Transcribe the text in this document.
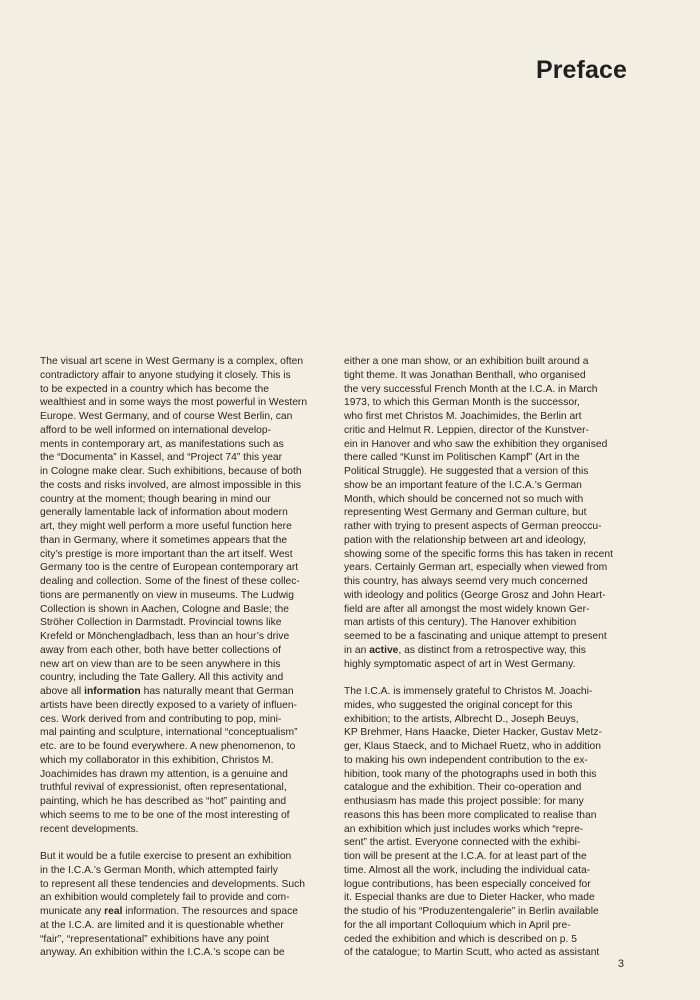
Preface
The visual art scene in West Germany is a complex, often
contradictory affair to anyone studying it closely. This is
to be expected in a country which has become the
wealthiest and in some ways the most powerful in Western
Europe. West Germany, and of course West Berlin, can
afford to be well informed on international develop-
ments in contemporary art, as manifestations such as
the “Documenta” in Kassel, and “Project 74” this year
in Cologne make clear. Such exhibitions, because of both
the costs and risks involved, are almost impossible in this
country at the moment; though bearing in mind our
generally lamentable lack of information about modern
art, they might well perform a more useful function here
than in Germany, where it sometimes appears that the
city’s prestige is more important than the art itself. West
Germany too is the centre of European contemporary art
dealing and collection. Some of the finest of these collec-
tions are permanently on view in museums. The Ludwig
Collection is shown in Aachen, Cologne and Basle; the
Ströher Collection in Darmstadt. Provincial towns like
Krefeld or Mönchengladbach, less than an hour’s drive
away from each other, both have better collections of
new art on view than are to be seen anywhere in this
country, including the Tate Gallery. All this activity and
above all information has naturally meant that German
artists have been directly exposed to a variety of influen-
ces. Work derived from and contributing to pop, mini-
mal painting and sculpture, international “conceptualism”
etc. are to be found everywhere. A new phenomenon, to
which my collaborator in this exhibition, Christos M.
Joachimides has drawn my attention, is a genuine and
truthful revival of expressionist, often representational,
painting, which he has described as “hot” painting and
which seems to me to be one of the most interesting of
recent developments.
But it would be a futile exercise to present an exhibition
in the I.C.A.’s German Month, which attempted fairly
to represent all these tendencies and developments. Such
an exhibition would completely fail to provide and com-
municate any real information. The resources and space
at the I.C.A. are limited and it is questionable whether
“fair”, “representational” exhibitions have any point
anyway. An exhibition within the I.C.A.’s scope can be
either a one man show, or an exhibition built around a
tight theme. It was Jonathan Benthall, who organised
the very successful French Month at the I.C.A. in March
1973, to which this German Month is the successor,
who first met Christos M. Joachimides, the Berlin art
critic and Helmut R. Leppien, director of the Kunstver-
ein in Hanover and who saw the exhibition they organised
there called “Kunst im Politischen Kampf” (Art in the
Political Struggle). He suggested that a version of this
show be an important feature of the I.C.A.’s German
Month, which should be concerned not so much with
representing West Germany and German culture, but
rather with trying to present aspects of German preoccu-
pation with the relationship between art and ideology,
showing some of the specific forms this has taken in recent
years. Certainly German art, especially when viewed from
this country, has always seemd very much concerned
with ideology and politics (George Grosz and John Heart-
field are after all amongst the most widely known Ger-
man artists of this century). The Hanover exhibition
seemed to be a fascinating and unique attempt to present
in an active, as distinct from a retrospective way, this
highly symptomatic aspect of art in West Germany.
The I.C.A. is immensely grateful to Christos M. Joachi-
mides, who suggested the original concept for this
exhibition; to the artists, Albrecht D., Joseph Beuys,
KP Brehmer, Hans Haacke, Dieter Hacker, Gustav Metz-
ger, Klaus Staeck, and to Michael Ruetz, who in addition
to making his own independent contribution to the ex-
hibition, took many of the photographs used in both this
catalogue and the exhibition. Their co-operation and
enthusiasm has made this project possible: for many
reasons this has been more complicated to realise than
an exhibition which just includes works which “repre-
sent” the artist. Everyone connected with the exhibi-
tion will be present at the I.C.A. for at least part of the
time. Almost all the work, including the individual cata-
logue contributions, has been especially conceived for
it. Especial thanks are due to Dieter Hacker, who made
the studio of his “Produzentengalerie” in Berlin available
for the all important Colloquium which in April pre-
ceded the exhibition and which is described on p. 5
of the catalogue; to Martin Scutt, who acted as assistant
3
